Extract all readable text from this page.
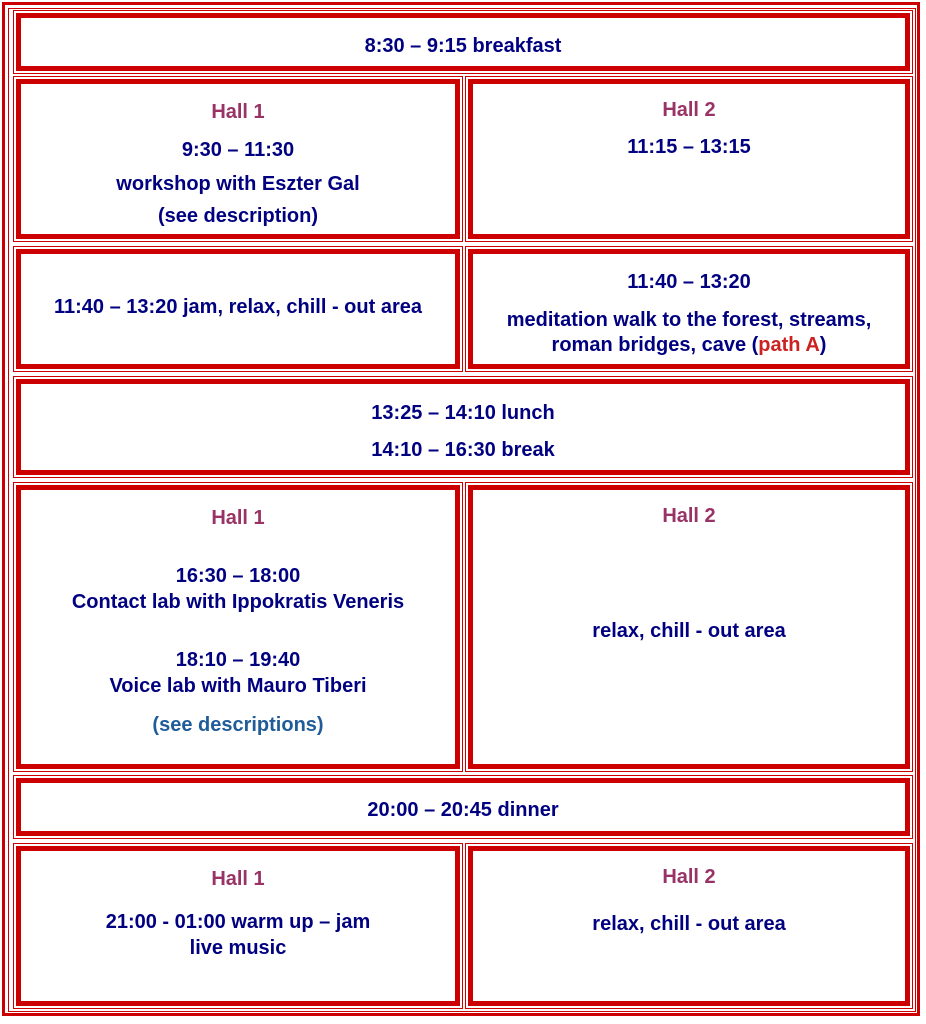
8:30 – 9:15 breakfast
Hall 1
9:30 – 11:30
workshop with Eszter Gal
(see description)
Hall 2
11:15 – 13:15
11:40 – 13:20 jam, relax, chill - out area
11:40 – 13:20
meditation walk to the forest, streams,
roman bridges, cave (path A)
13:25 – 14:10 lunch
14:10 – 16:30 break
Hall 1
16:30 – 18:00
Contact lab with Ippokratis Veneris
18:10 – 19:40
Voice lab with Mauro Tiberi
(see descriptions)
Hall 2
relax, chill - out area
20:00 – 20:45 dinner
Hall 1
21:00 - 01:00 warm up – jam
live music
Hall 2
relax, chill - out area
